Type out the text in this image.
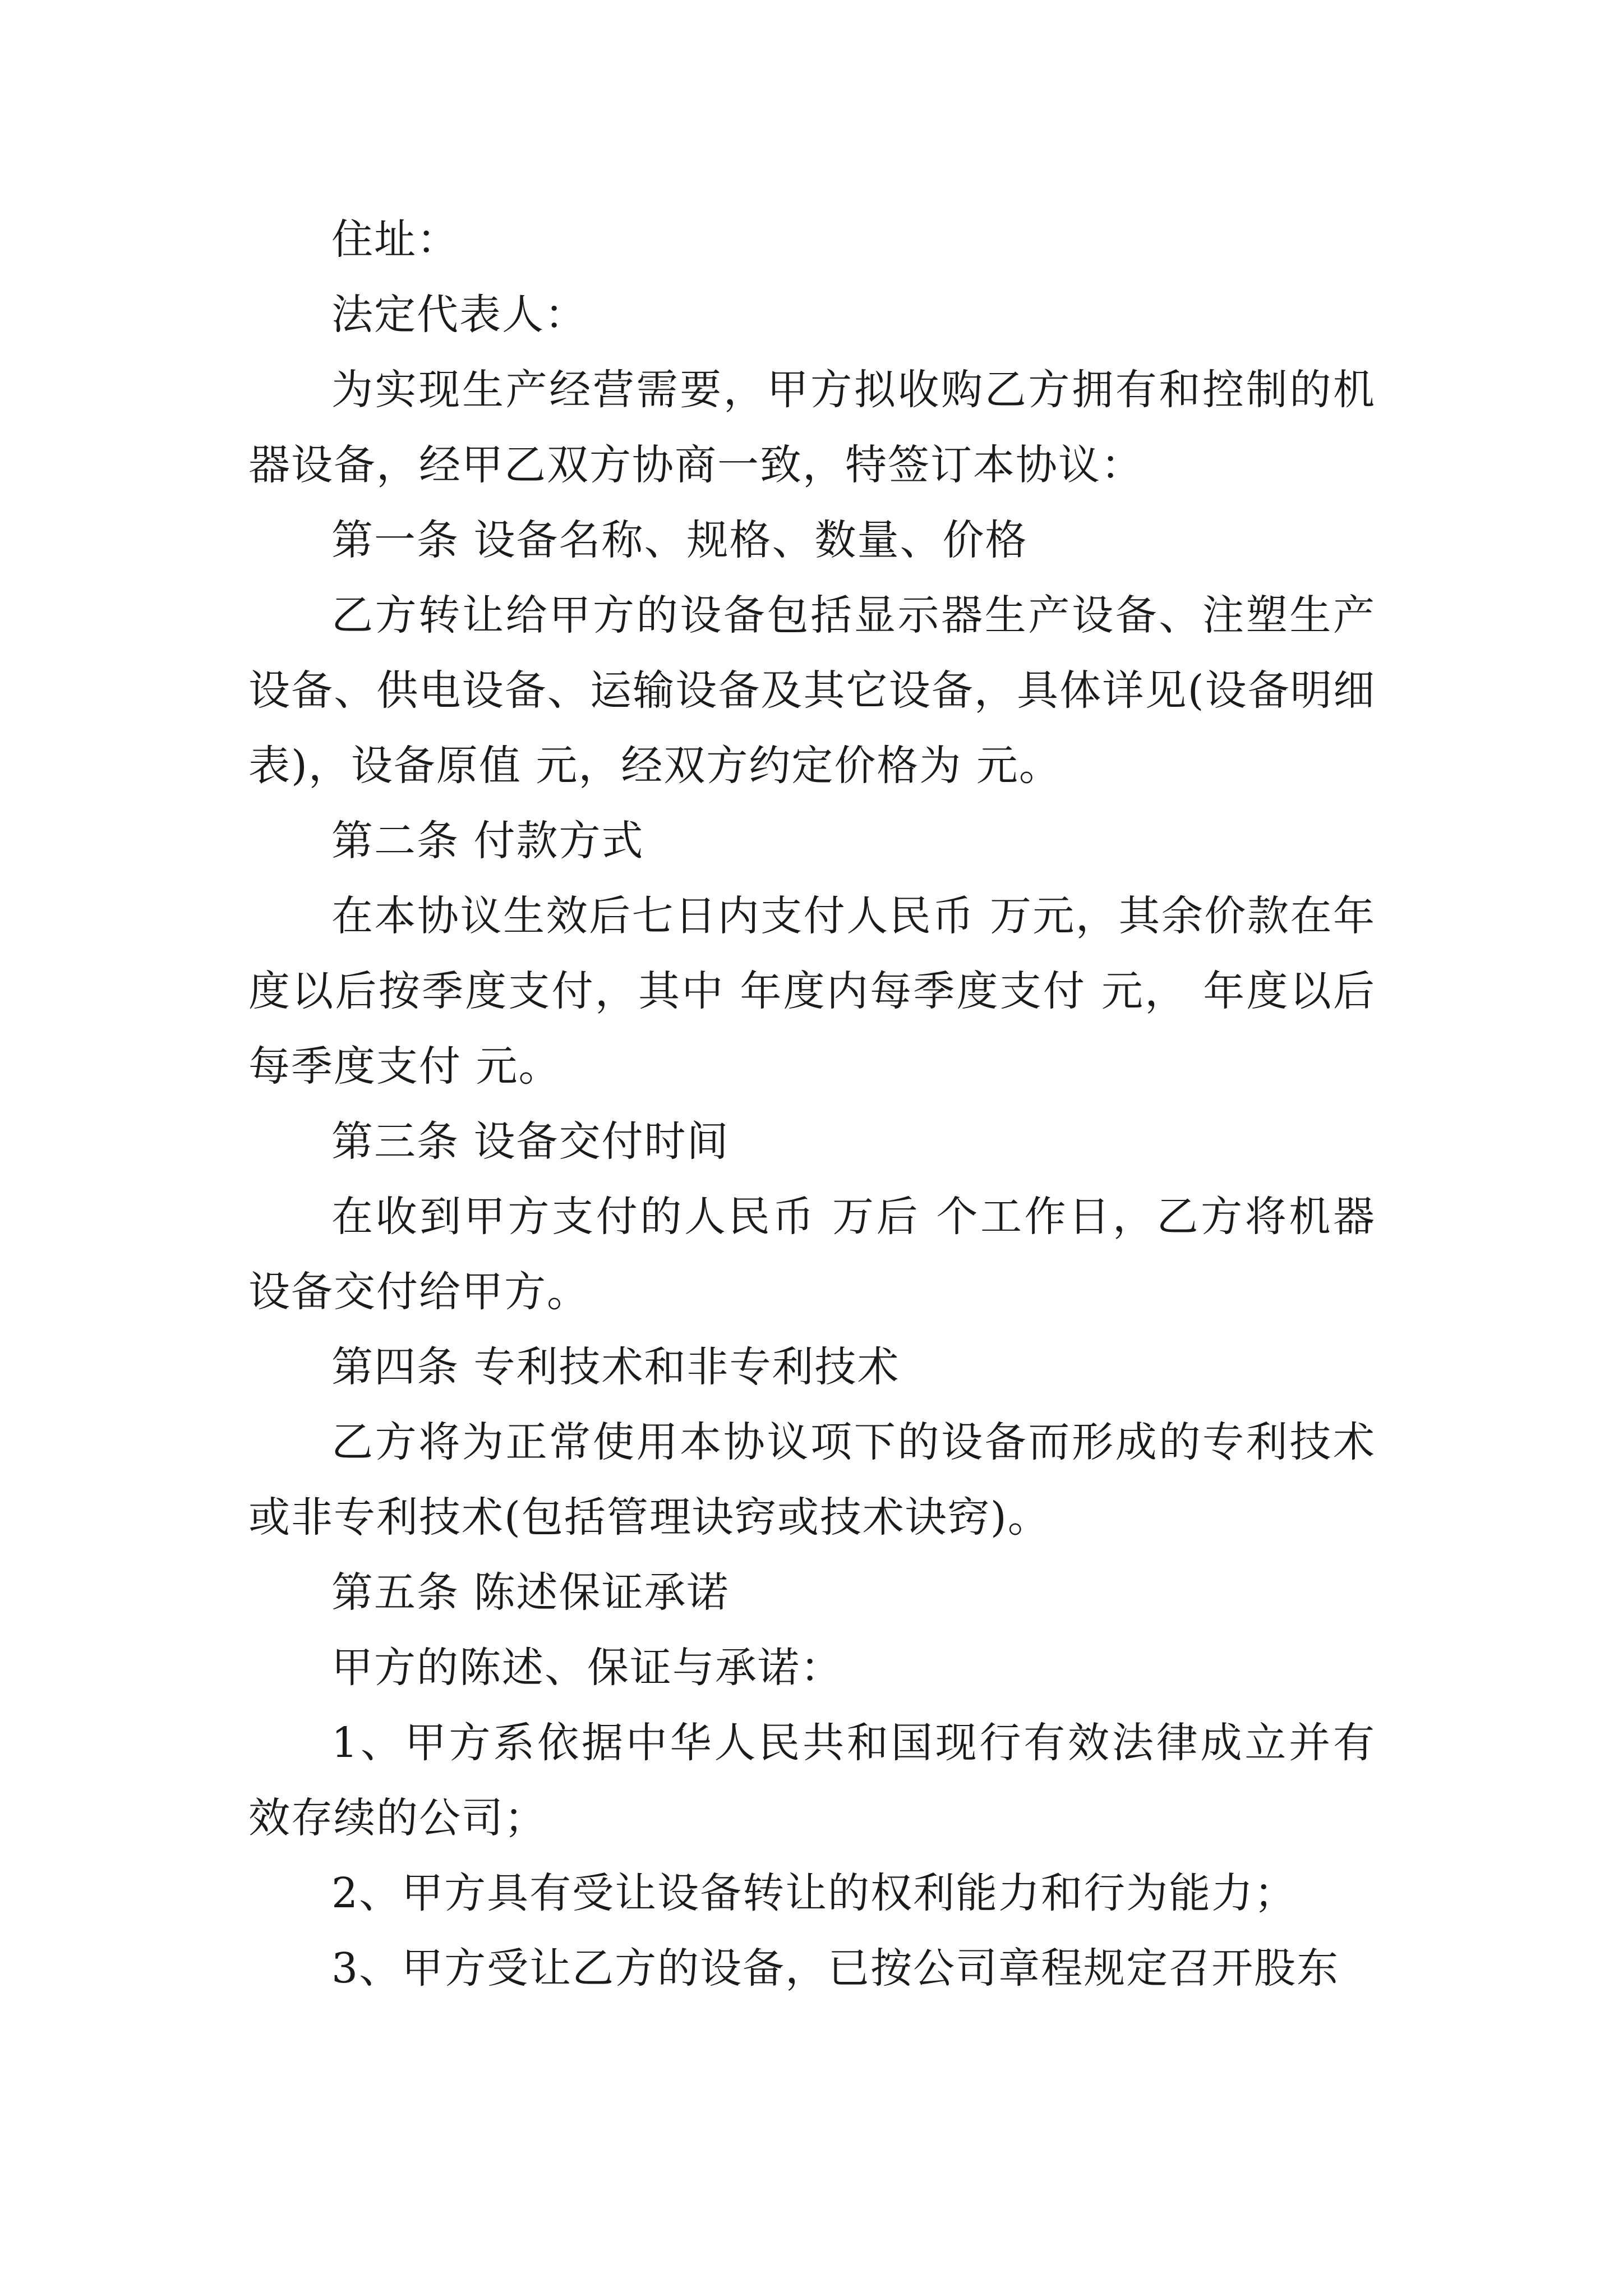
住址：

法定代表人：

为实现生产经营需要，甲方拟收购乙方拥有和控制的机器设备，经甲乙双方协商一致，特签订本协议：

第一条 设备名称、规格、数量、价格

乙方转让给甲方的设备包括显示器生产设备、注塑生产设备、供电设备、运输设备及其它设备，具体详见(设备明细表)，设备原值 元，经双方约定价格为 元。

第二条 付款方式

在本协议生效后七日内支付人民币 万元，其余价款在年度以后按季度支付，其中 年度内每季度支付 元， 年度以后每季度支付 元。

第三条 设备交付时间

在收到甲方支付的人民币 万后 个工作日，乙方将机器设备交付给甲方。

第四条 专利技术和非专利技术

乙方将为正常使用本协议项下的设备而形成的专利技术或非专利技术(包括管理诀窍或技术诀窍)。

第五条 陈述保证承诺

甲方的陈述、保证与承诺：

1、甲方系依据中华人民共和国现行有效法律成立并有效存续的公司；

2、甲方具有受让设备转让的权利能力和行为能力；

3、甲方受让乙方的设备，已按公司章程规定召开股东
